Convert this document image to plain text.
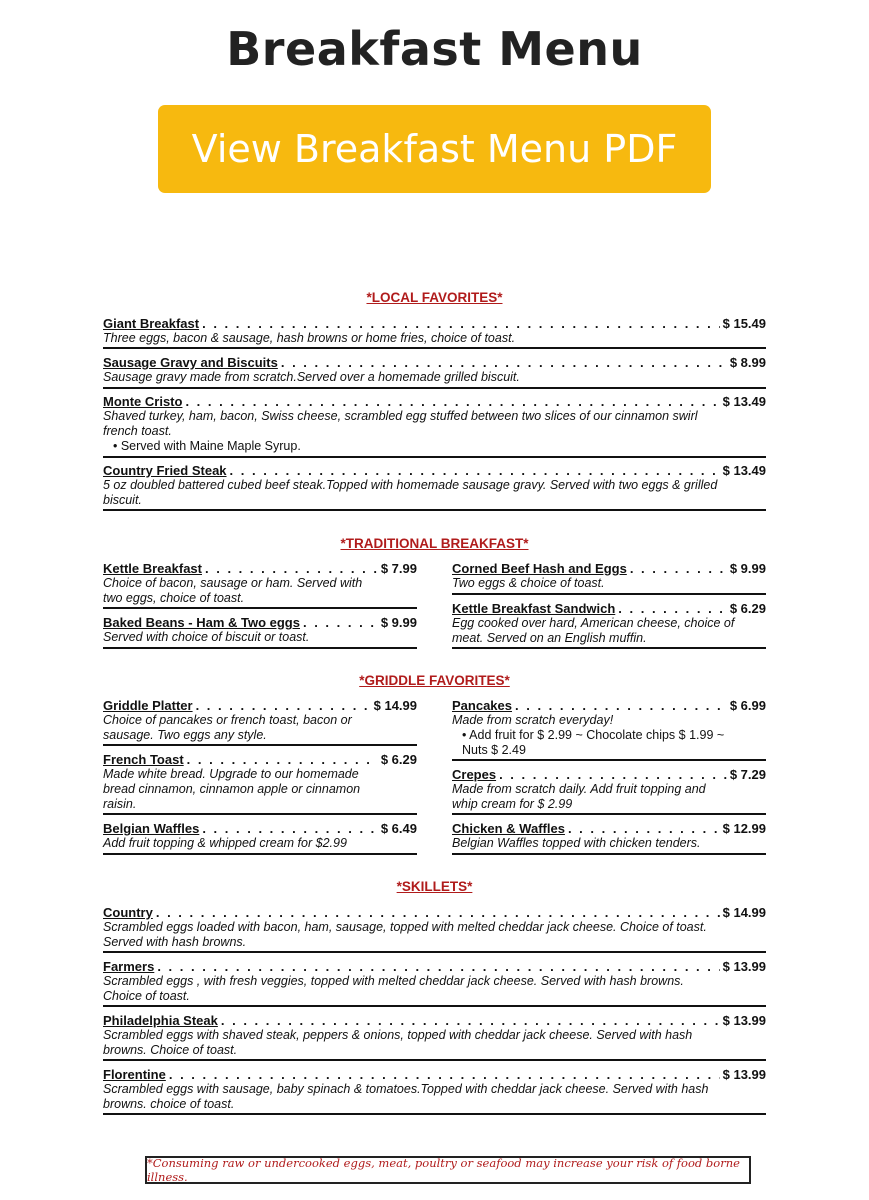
Breakfast Menu
View Breakfast Menu PDF
*LOCAL FAVORITES*
Giant Breakfast . . .	$ 15.49
Three eggs, bacon & sausage, hash browns or home fries, choice of toast.
Sausage Gravy and Biscuits . . .	$ 8.99
Sausage gravy made from scratch.Served over a homemade grilled biscuit.
Monte Cristo . . .	$ 13.49
Shaved turkey, ham, bacon, Swiss cheese, scrambled egg stuffed between two slices of our cinnamon swirl french toast.
• Served with Maine Maple Syrup.
Country Fried Steak . . .	$ 13.49
5 oz doubled battered cubed beef steak.Topped with homemade sausage gravy. Served with two eggs & grilled biscuit.
*TRADITIONAL BREAKFAST*
Kettle Breakfast . . .	$ 7.99
Choice of bacon, sausage or ham. Served with two eggs, choice of toast.
Baked Beans - Ham & Two eggs . . .	$ 9.99
Served with choice of biscuit or toast.
Corned Beef Hash and Eggs . . .	$ 9.99
Two eggs & choice of toast.
Kettle Breakfast Sandwich . . .	$ 6.29
Egg cooked over hard, American cheese, choice of meat. Served on an English muffin.
*GRIDDLE FAVORITES*
Griddle Platter . . .	$ 14.99
Choice of pancakes or french toast, bacon or sausage. Two eggs any style.
French Toast . . .	$ 6.29
Made white bread. Upgrade to our homemade bread cinnamon, cinnamon apple or cinnamon raisin.
Belgian Waffles . . .	$ 6.49
Add fruit topping & whipped cream for $2.99
Pancakes . . .	$ 6.99
Made from scratch everyday!
• Add fruit for $ 2.99 ~ Chocolate chips $ 1.99 ~ Nuts $ 2.49
Crepes . . .	$ 7.29
Made from scratch daily. Add fruit topping and whip cream for $ 2.99
Chicken & Waffles . . .	$ 12.99
Belgian Waffles topped with chicken tenders.
*SKILLETS*
Country . . .	$ 14.99
Scrambled eggs loaded with bacon, ham, sausage, topped with melted cheddar jack cheese. Choice of toast. Served with hash browns.
Farmers . . .	$ 13.99
Scrambled eggs , with fresh veggies, topped with melted cheddar jack cheese. Served with hash browns. Choice of toast.
Philadelphia Steak . . .	$ 13.99
Scrambled eggs with shaved steak, peppers & onions, topped with cheddar jack cheese. Served with hash browns. Choice of toast.
Florentine . . .	$ 13.99
Scrambled eggs with sausage, baby spinach & tomatoes.Topped with cheddar jack cheese. Served with hash browns. choice of toast.
*Consuming raw or undercooked eggs, meat, poultry or seafood may increase your risk of food borne illness.
